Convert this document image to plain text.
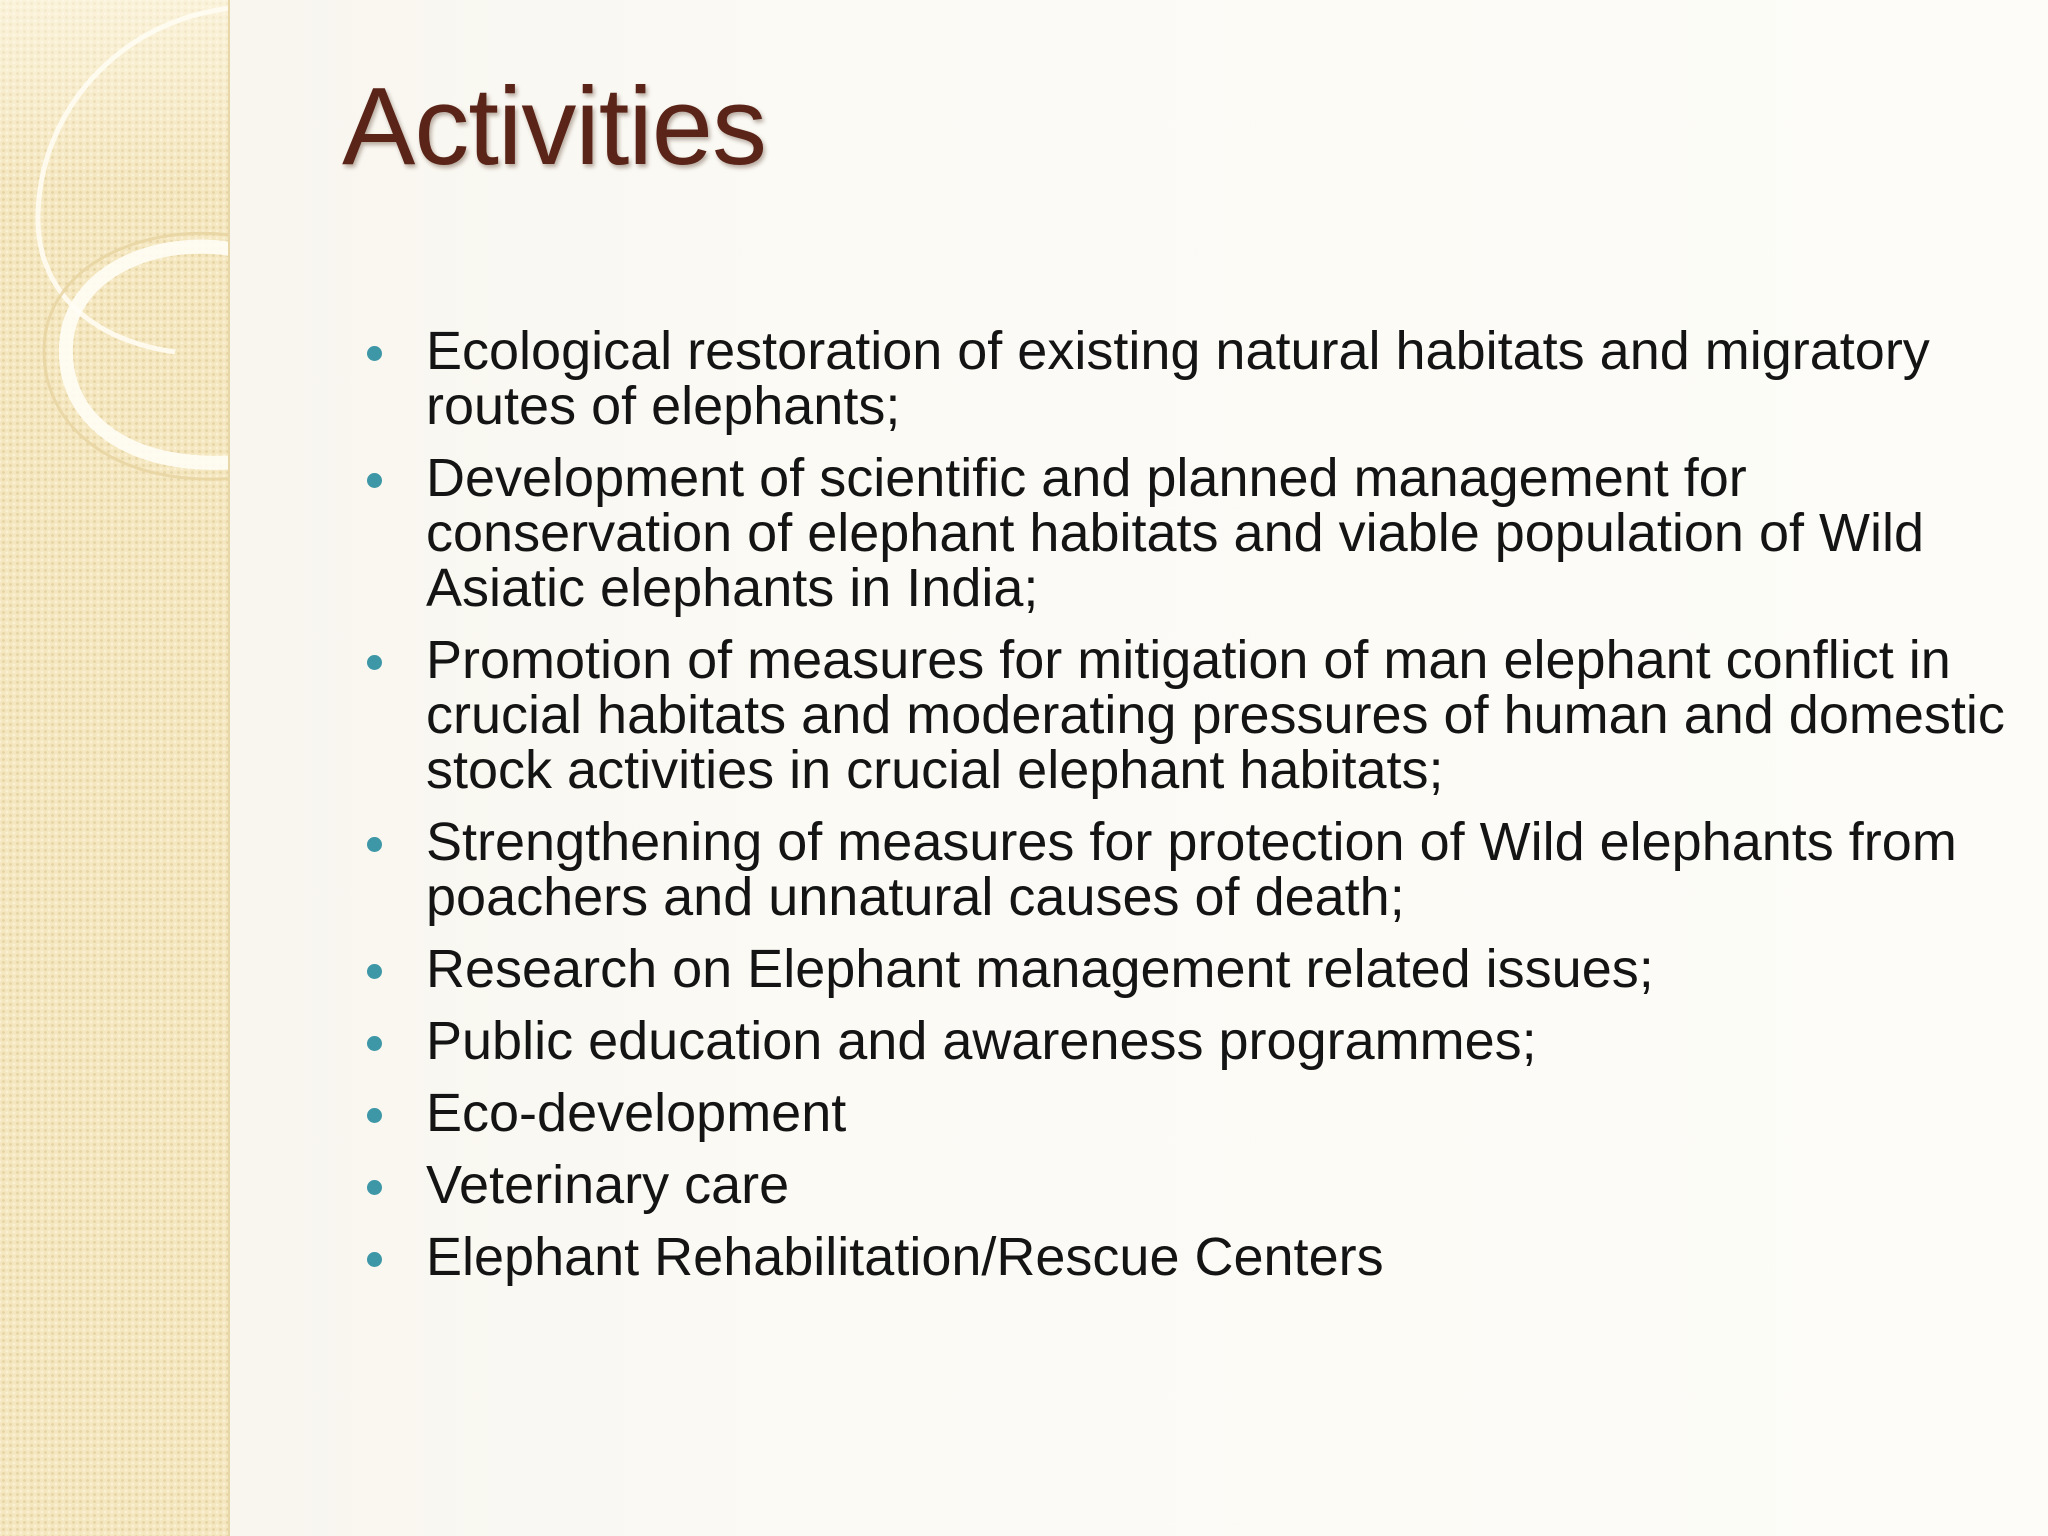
Activities
Ecological restoration of existing natural habitats and migratory routes of elephants;
Development of scientific and planned management for conservation of elephant habitats and viable population of Wild Asiatic elephants in India;
Promotion of measures for mitigation of man elephant conflict in crucial habitats and moderating pressures of human and domestic stock activities in crucial elephant habitats;
Strengthening of measures for protection of Wild elephants from poachers and unnatural causes of death;
Research on Elephant management related issues;
Public education and awareness programmes;
Eco-development
Veterinary care
Elephant Rehabilitation/Rescue Centers
